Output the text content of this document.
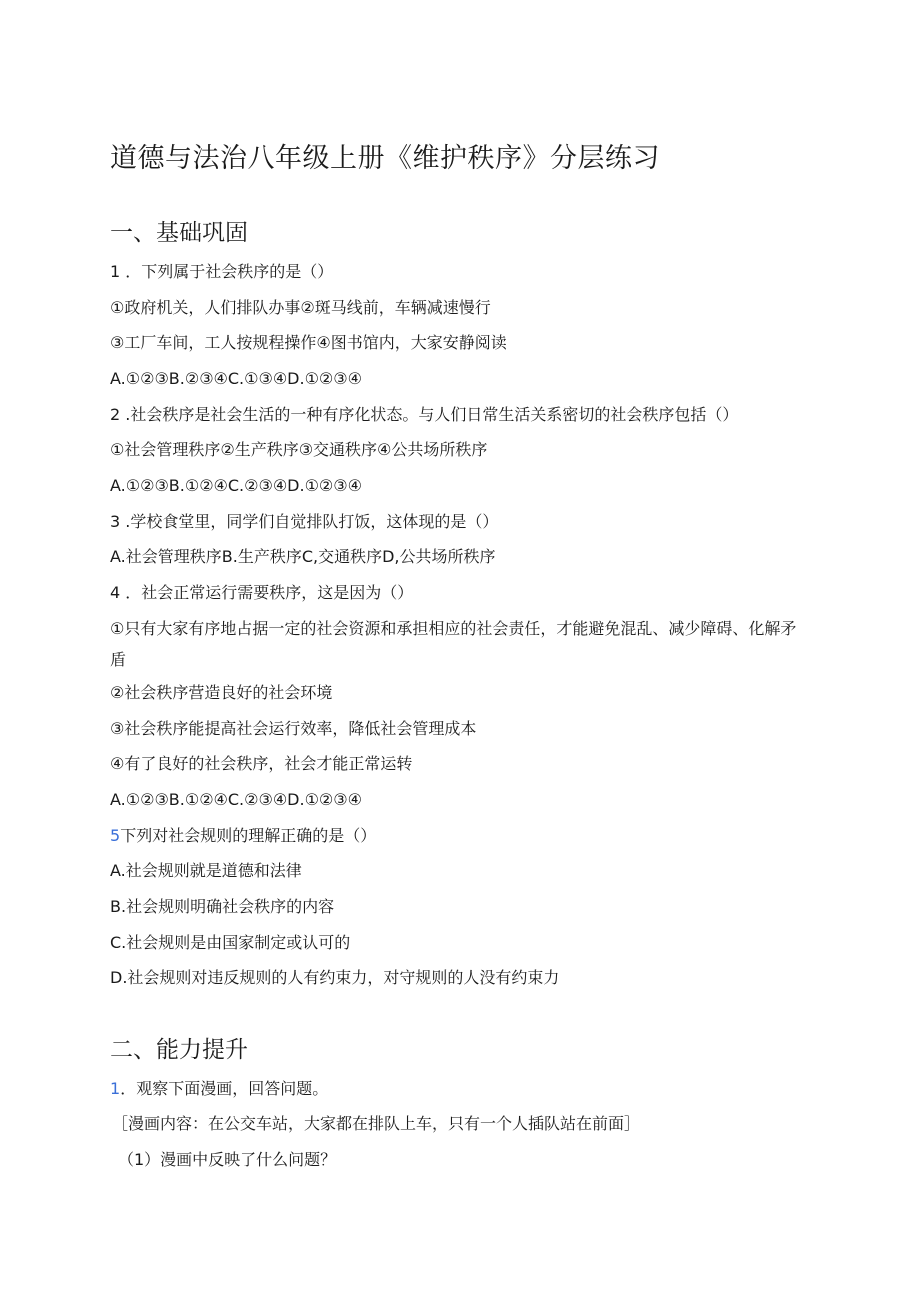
道德与法治八年级上册《维护秩序》分层练习
一、基础巩固
1 ．下列属于社会秩序的是（）
①政府机关，人们排队办事②斑马线前，车辆减速慢行
③工厂车间，工人按规程操作④图书馆内，大家安静阅读
A.①②③B.②③④C.①③④D.①②③④
2 .社会秩序是社会生活的一种有序化状态。与人们日常生活关系密切的社会秩序包括（）
①社会管理秩序②生产秩序③交通秩序④公共场所秩序
A.①②③B.①②④C.②③④D.①②③④
3 .学校食堂里，同学们自觉排队打饭，这体现的是（）
A.社会管理秩序B.生产秩序C,交通秩序D,公共场所秩序
4 ．社会正常运行需要秩序，这是因为（）
①只有大家有序地占据一定的社会资源和承担相应的社会责任，才能避免混乱、减少障碍、化解矛盾
②社会秩序营造良好的社会环境
③社会秩序能提高社会运行效率，降低社会管理成本
④有了良好的社会秩序，社会才能正常运转
A.①②③B.①②④C.②③④D.①②③④
5下列对社会规则的理解正确的是（）
A.社会规则就是道德和法律
B.社会规则明确社会秩序的内容
C.社会规则是由国家制定或认可的
D.社会规则对违反规则的人有约束力，对守规则的人没有约束力
二、能力提升
1．观察下面漫画，回答问题。
［漫画内容：在公交车站，大家都在排队上车，只有一个人插队站在前面］
（1）漫画中反映了什么问题？
